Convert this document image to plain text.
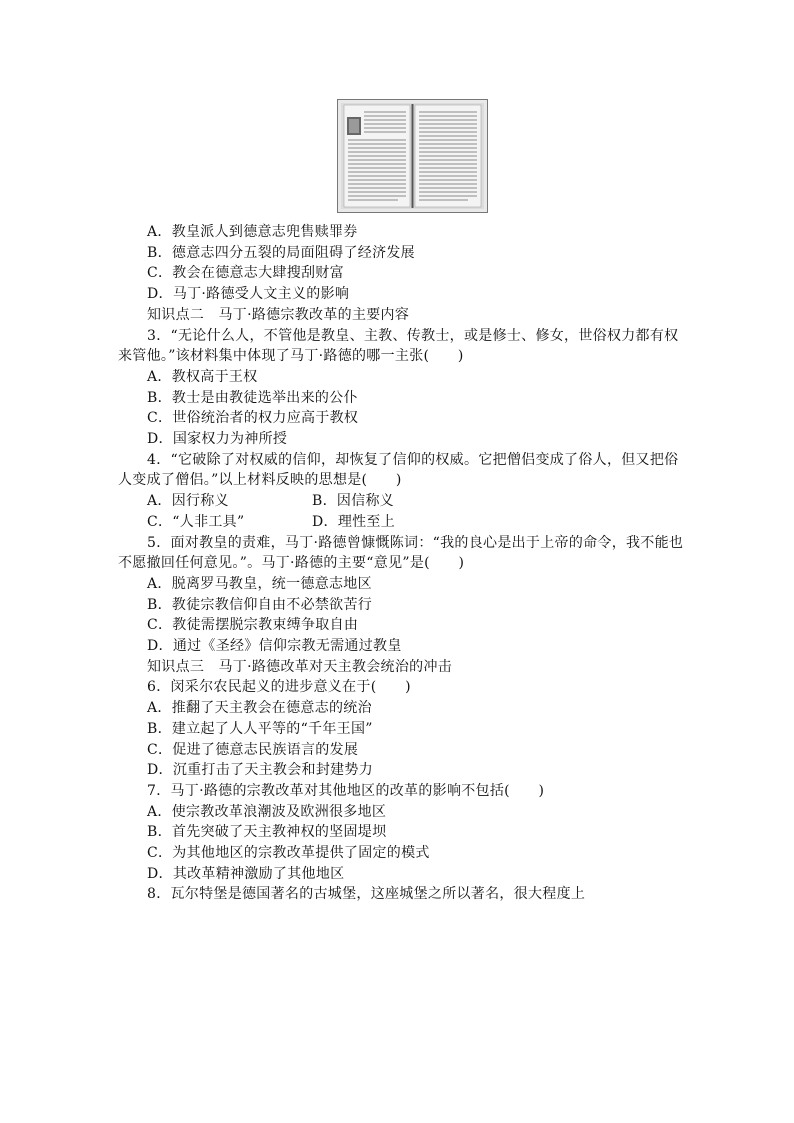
A．教皇派人到德意志兜售赎罪券
B．德意志四分五裂的局面阻碍了经济发展
C．教会在德意志大肆搜刮财富
D．马丁·路德受人文主义的影响
知识点二　马丁·路德宗教改革的主要内容
3．“无论什么人，不管他是教皇、主教、传教士，或是修士、修女，世俗权力都有权
来管他。”该材料集中体现了马丁·路德的哪一主张(　　)
A．教权高于王权
B．教士是由教徒选举出来的公仆
C．世俗统治者的权力应高于教权
D．国家权力为神所授
4．“它破除了对权威的信仰，却恢复了信仰的权威。它把僧侣变成了俗人，但又把俗
人变成了僧侣。”以上材料反映的思想是(　　)
A．因行称义	B．因信称义
C．“人非工具”	D．理性至上
5．面对教皇的责难，马丁·路德曾慷慨陈词：“我的良心是出于上帝的命令，我不能也
不愿撤回任何意见。”。马丁·路德的主要“意见”是(　　)
A．脱离罗马教皇，统一德意志地区
B．教徒宗教信仰自由不必禁欲苦行
C．教徒需摆脱宗教束缚争取自由
D．通过《圣经》信仰宗教无需通过教皇
知识点三　马丁·路德改革对天主教会统治的冲击
6．闵采尔农民起义的进步意义在于(　　)
A．推翻了天主教会在德意志的统治
B．建立起了人人平等的“千年王国”
C．促进了德意志民族语言的发展
D．沉重打击了天主教会和封建势力
7．马丁·路德的宗教改革对其他地区的改革的影响不包括(　　)
A．使宗教改革浪潮波及欧洲很多地区
B．首先突破了天主教神权的坚固堤坝
C．为其他地区的宗教改革提供了固定的模式
D．其改革精神激励了其他地区
8．瓦尔特堡是德国著名的古城堡，这座城堡之所以著名，很大程度上
